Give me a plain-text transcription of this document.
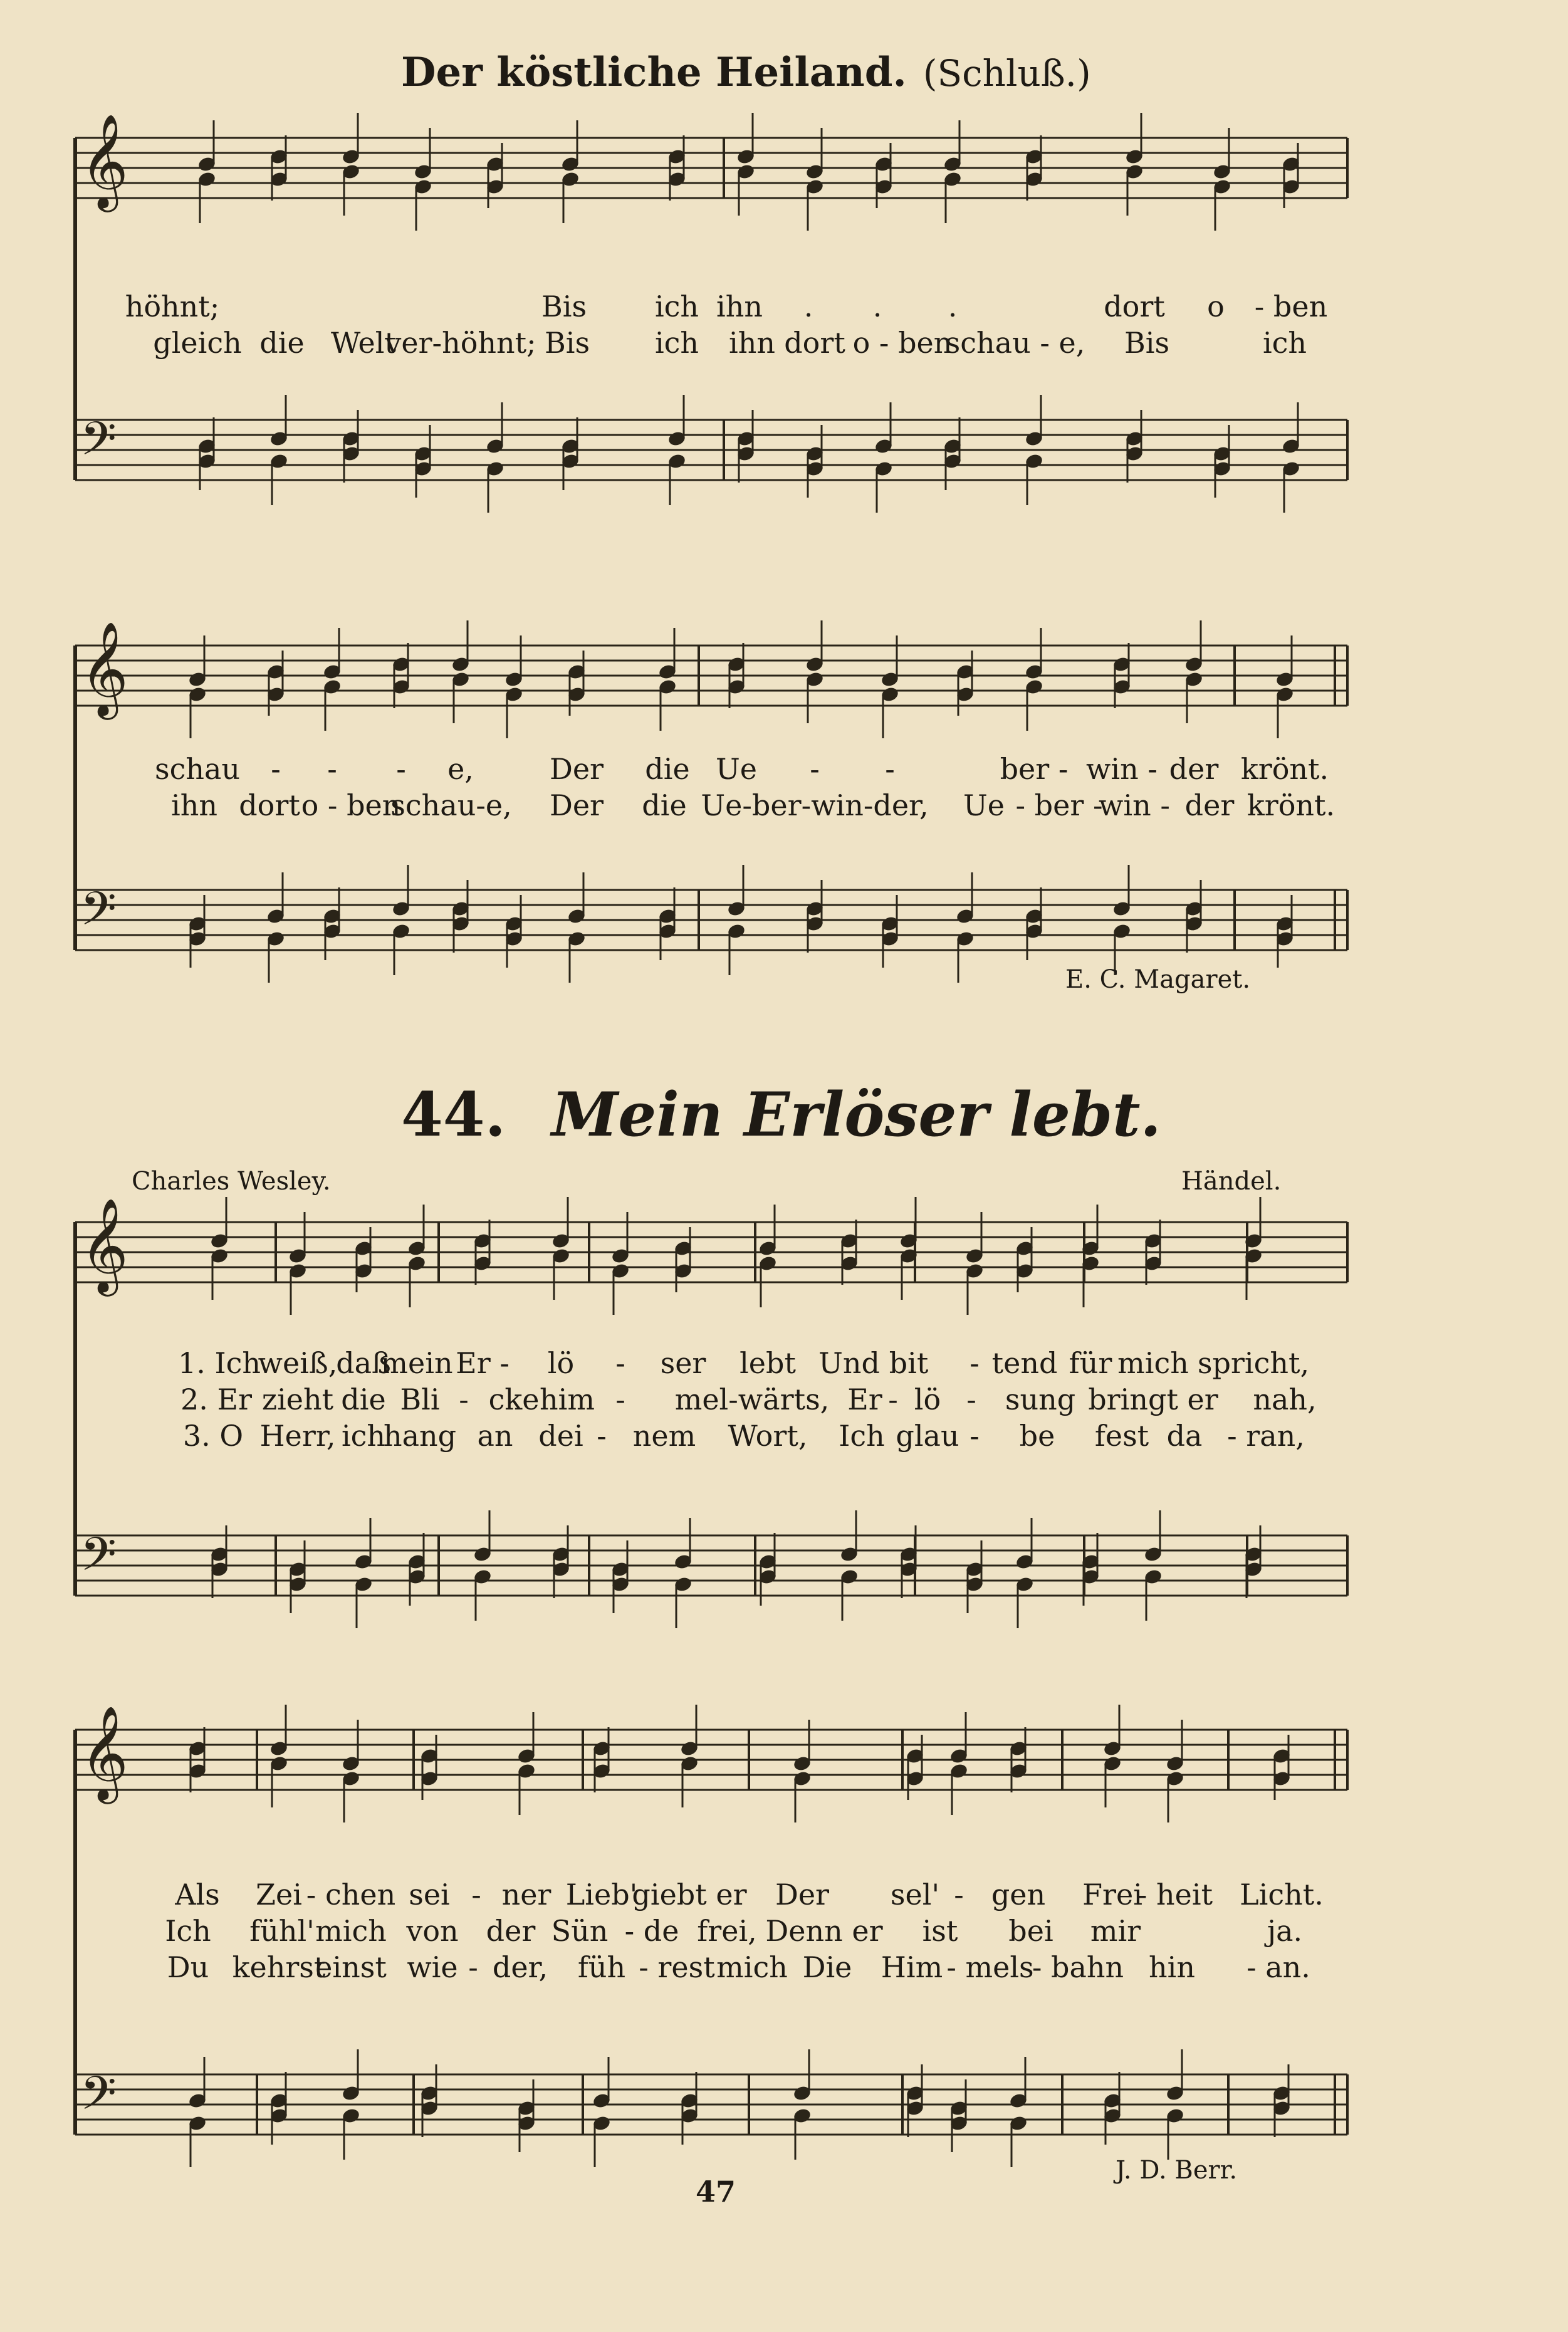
Der köstliche Heiland. (Schluß.)
𝄞
𝄢
höhnt;	Bis ich ihn . . .	dort o - ben
gleich die Welt
ver-höhnt; Bis ich ihn dort o - ben
schau - e, Bis	ich
𝄞
𝄢
schau - - - e,	Der die Ue - -	ber - win - der krönt.
ihn dort o - ben
schau-e, Der die Ue-ber-win-der, Ue - ber -
win - der krönt.
E. C. Magaret.
44. Mein Erlöser lebt.
Charles Wesley.	Händel.
𝄞
𝄢
1. Ich
weiß,
daß
mein Er - lö - ser lebt Und bit - tend für mich spricht,
2. Er zieht die Bli - cke him - mel-wärts, Er - lö - sung bringt er nah,
3. O Herr, ich
hang an dei - nem Wort, Ich glau - be fest da - ran,
𝄞
𝄢
Als Zei - chen sei - ner Lieb'
giebt er Der sel' - gen Frei
- heit Licht.
Ich fühl' mich von der Sün - de frei, Denn er ist bei mir	ja.
Du kehrst
einst wie - der, füh - rest mich Die Him - mels
- bahn hin - an.
J. D. Berr.
47
